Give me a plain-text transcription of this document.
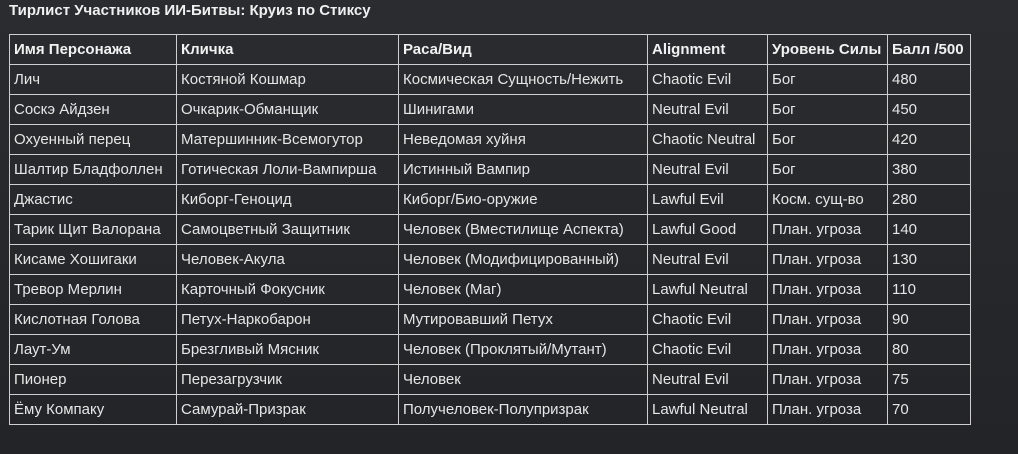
Тирлист Участников ИИ-Битвы: Круиз по Стиксу
Имя Персонажа	Кличка	Раса/Вид	Alignment	Уровень Силы	Балл /500
Лич	Костяной Кошмар	Космическая Сущность/Нежить	Chaotic Evil	Бог	480
Соскэ Айдзен	Очкарик-Обманщик	Шинигами	Neutral Evil	Бог	450
Охуенный перец	Матершинник-Всемогутор	Неведомая хуйня	Chaotic Neutral	Бог	420
Шалтир Бладфоллен	Готическая Лоли-Вампирша	Истинный Вампир	Neutral Evil	Бог	380
Джастис	Киборг-Геноцид	Киборг/Био-оружие	Lawful Evil	Косм. сущ-во	280
Тарик Щит Валорана	Самоцветный Защитник	Человек (Вместилище Аспекта)	Lawful Good	План. угроза	140
Кисаме Хошигаки	Человек-Акула	Человек (Модифицированный)	Neutral Evil	План. угроза	130
Тревор Мерлин	Карточный Фокусник	Человек (Маг)	Lawful Neutral	План. угроза	110
Кислотная Голова	Петух-Наркобарон	Мутировавший Петух	Chaotic Evil	План. угроза	90
Лаут-Ум	Брезгливый Мясник	Человек (Проклятый/Мутант)	Chaotic Evil	План. угроза	80
Пионер	Перезагрузчик	Человек	Neutral Evil	План. угроза	75
Ёму Компаку	Самурай-Призрак	Получеловек-Полупризрак	Lawful Neutral	План. угроза	70
